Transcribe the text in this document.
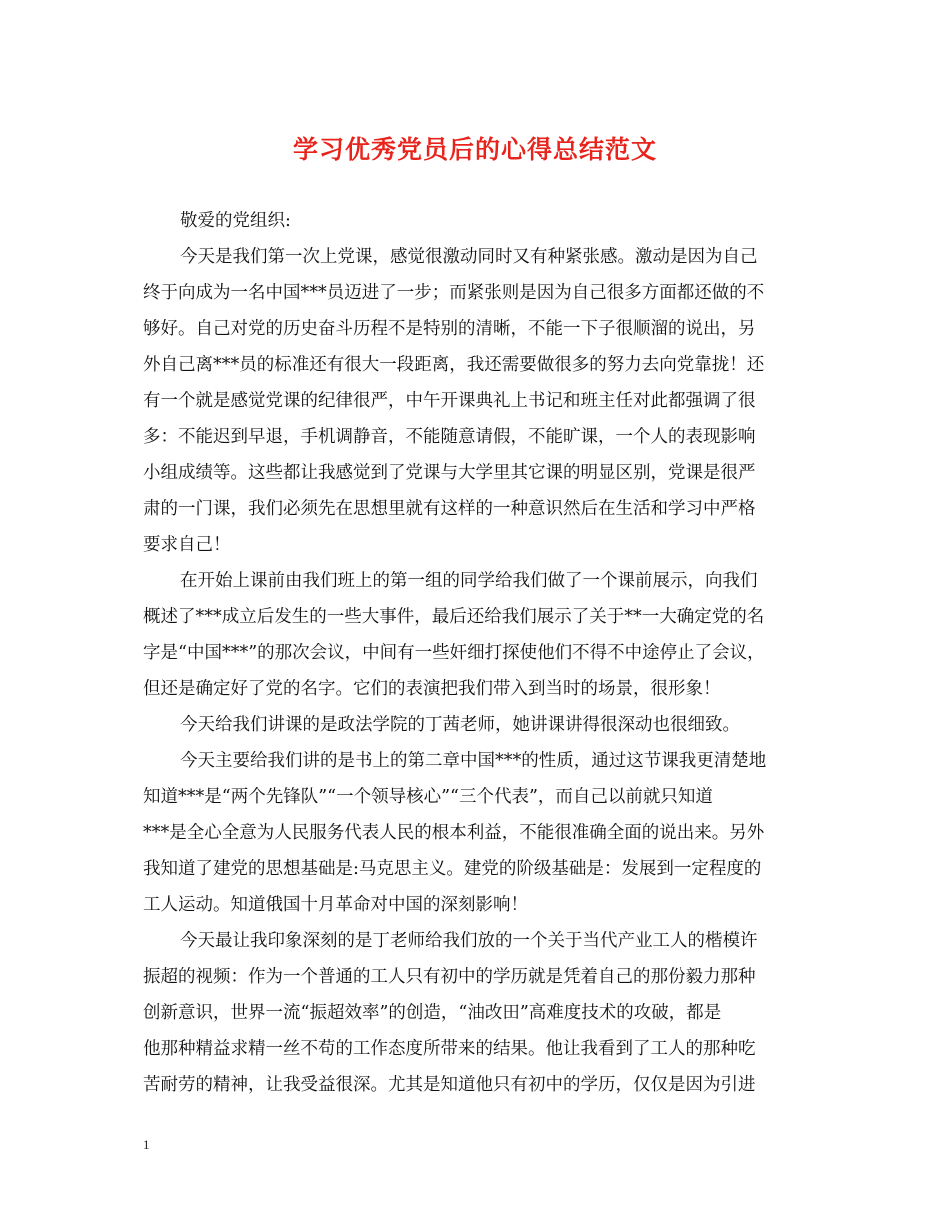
学习优秀党员后的心得总结范文

敬爱的党组织:

今天是我们第一次上党课，感觉很激动同时又有种紧张感。激动是因为自己

终于向成为一名中国***员迈进了一步；而紧张则是因为自己很多方面都还做的不

够好。自己对党的历史奋斗历程不是特别的清晰，不能一下子很顺溜的说出，另

外自己离***员的标准还有很大一段距离，我还需要做很多的努力去向党靠拢！还

有一个就是感觉党课的纪律很严，中午开课典礼上书记和班主任对此都强调了很

多：不能迟到早退，手机调静音，不能随意请假，不能旷课，一个人的表现影响

小组成绩等。这些都让我感觉到了党课与大学里其它课的明显区别，党课是很严

肃的一门课，我们必须先在思想里就有这样的一种意识然后在生活和学习中严格

要求自己！

在开始上课前由我们班上的第一组的同学给我们做了一个课前展示，向我们

概述了***成立后发生的一些大事件，最后还给我们展示了关于**一大确定党的名

字是“中国***”的那次会议，中间有一些奸细打探使他们不得不中途停止了会议，

但还是确定好了党的名字。它们的表演把我们带入到当时的场景，很形象！

今天给我们讲课的是政法学院的丁茜老师，她讲课讲得很深动也很细致。

今天主要给我们讲的是书上的第二章中国***的性质，通过这节课我更清楚地

知道***是“两个先锋队”“一个领导核心”“三个代表”，而自己以前就只知道

***是全心全意为人民服务代表人民的根本利益，不能很准确全面的说出来。另外

我知道了建党的思想基础是:马克思主义。建党的阶级基础是：发展到一定程度的

工人运动。知道俄国十月革命对中国的深刻影响！

今天最让我印象深刻的是丁老师给我们放的一个关于当代产业工人的楷模许

振超的视频：作为一个普通的工人只有初中的学历就是凭着自己的那份毅力那种

创新意识，世界一流“振超效率”的创造，“油改田”高难度技术的攻破，都是

他那种精益求精一丝不苟的工作态度所带来的结果。他让我看到了工人的那种吃

苦耐劳的精神，让我受益很深。尤其是知道他只有初中的学历，仅仅是因为引进

1
